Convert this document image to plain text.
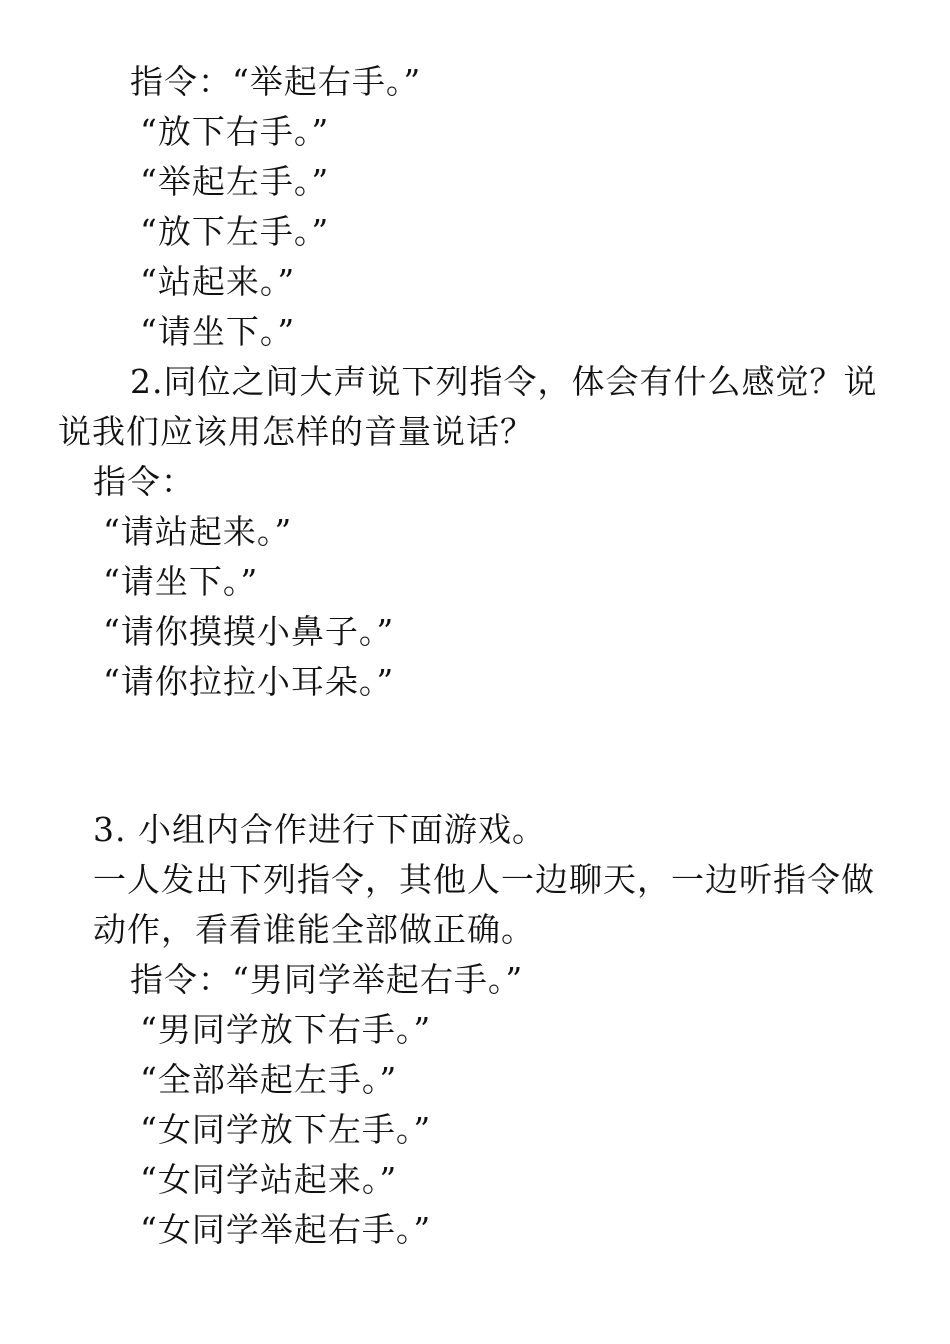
指令：“举起右手。”
“放下右手。”
“举起左手。”
“放下左手。”
“站起来。”
“请坐下。”
2.同位之间大声说下列指令，体会有什么感觉？说
说我们应该用怎样的音量说话？
指令：
“请站起来。”
“请坐下。”
“请你摸摸小鼻子。”
“请你拉拉小耳朵。”
3. 小组内合作进行下面游戏。
一人发出下列指令，其他人一边聊天，一边听指令做
动作，看看谁能全部做正确。
指令：“男同学举起右手。”
“男同学放下右手。”
“全部举起左手。”
“女同学放下左手。”
“女同学站起来。”
“女同学举起右手。”
